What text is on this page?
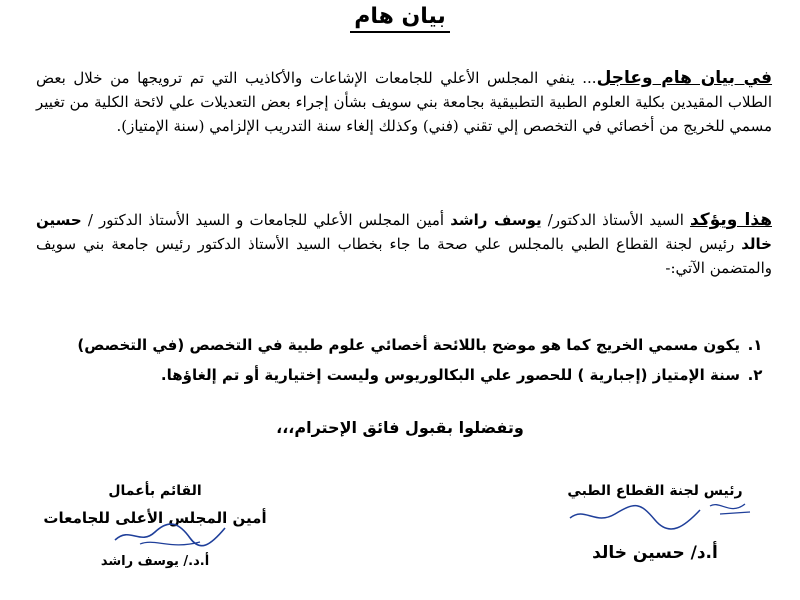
بيان هام
في بيان هام وعاجل... ينفي المجلس الأعلي للجامعات الإشاعات والأكاذيب التي تم ترويجها من خلال بعض الطلاب المقيدين بكلية العلوم الطبية التطبيقية بجامعة بني سويف بشأن إجراء بعض التعديلات علي لائحة الكلية من تغيير مسمي للخريج من أخصائي في التخصص إلي تقني (فني) وكذلك إلغاء سنة التدريب الإلزامي (سنة الإمتياز).
هذا ويؤكد السيد الأستاذ الدكتور/ يوسف راشد أمين المجلس الأعلي للجامعات و السيد الأستاذ الدكتور / حسين خالد رئيس لجنة القطاع الطبي بالمجلس علي صحة ما جاء بخطاب السيد الأستاذ الدكتور رئيس جامعة بني سويف والمتضمن الآتي:-
١.
يكون مسمي الخريج كما هو موضح باللائحة أخصائي علوم طبية في التخصص (في التخصص)
٢.
سنة الإمتياز (إجبارية ) للحصور علي البكالوريوس وليست إختيارية أو تم إلغاؤها.
وتفضلوا بقبول فائق الإحترام،،،
القائم بأعمال
أمين المجلس الأعلى للجامعات
أ.د./ يوسف راشد
رئيس لجنة القطاع الطبي
أ.د/ حسين خالد
